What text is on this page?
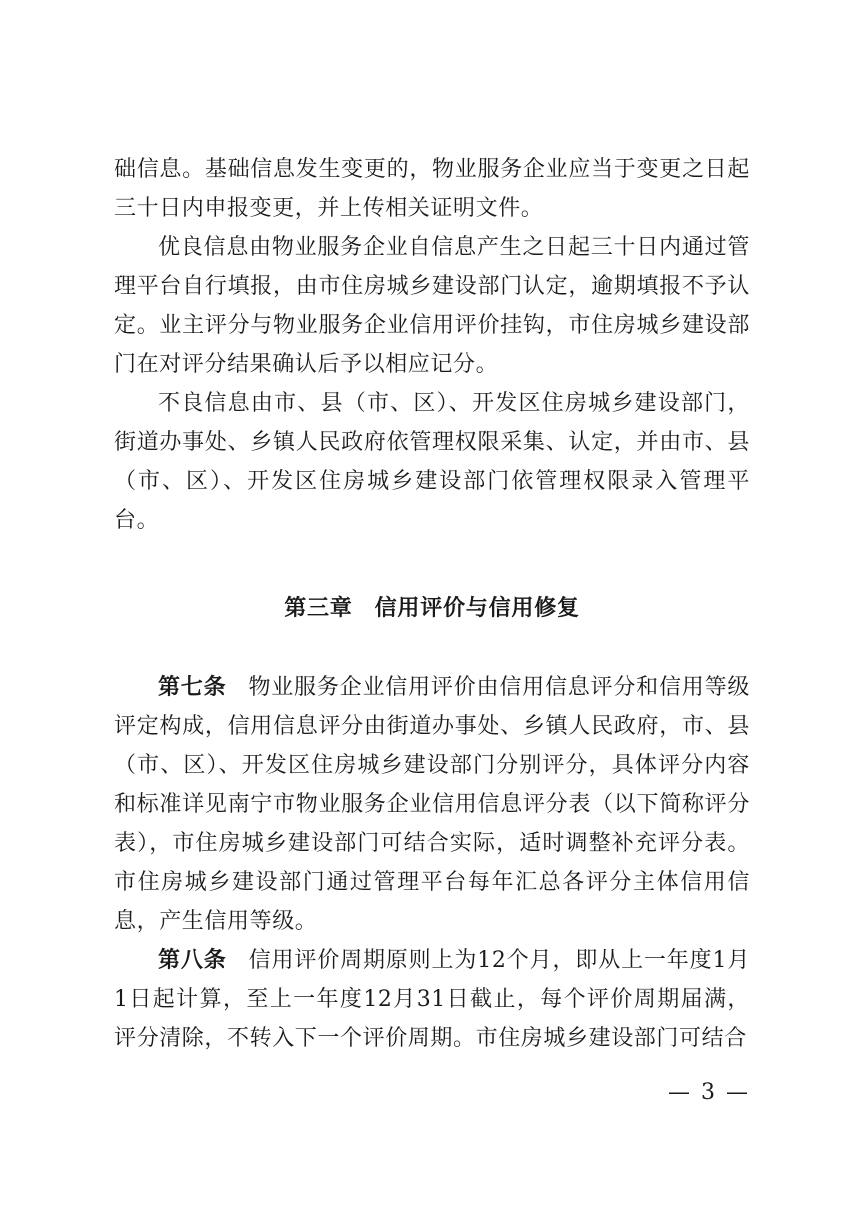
础信息。基础信息发生变更的，物业服务企业应当于变更之日起三十日内申报变更，并上传相关证明文件。

优良信息由物业服务企业自信息产生之日起三十日内通过管理平台自行填报，由市住房城乡建设部门认定，逾期填报不予认定。业主评分与物业服务企业信用评价挂钩，市住房城乡建设部门在对评分结果确认后予以相应记分。

不良信息由市、县（市、区）、开发区住房城乡建设部门，街道办事处、乡镇人民政府依管理权限采集、认定，并由市、县（市、区）、开发区住房城乡建设部门依管理权限录入管理平台。

第三章 信用评价与信用修复

第七条 物业服务企业信用评价由信用信息评分和信用等级评定构成，信用信息评分由街道办事处、乡镇人民政府，市、县（市、区）、开发区住房城乡建设部门分别评分，具体评分内容和标准详见南宁市物业服务企业信用信息评分表（以下简称评分表），市住房城乡建设部门可结合实际，适时调整补充评分表。市住房城乡建设部门通过管理平台每年汇总各评分主体信用信息，产生信用等级。

第八条 信用评价周期原则上为12个月，即从上一年度1月1日起计算，至上一年度12月31日截止，每个评价周期届满，评分清除，不转入下一个评价周期。市住房城乡建设部门可结合

— 3 —
